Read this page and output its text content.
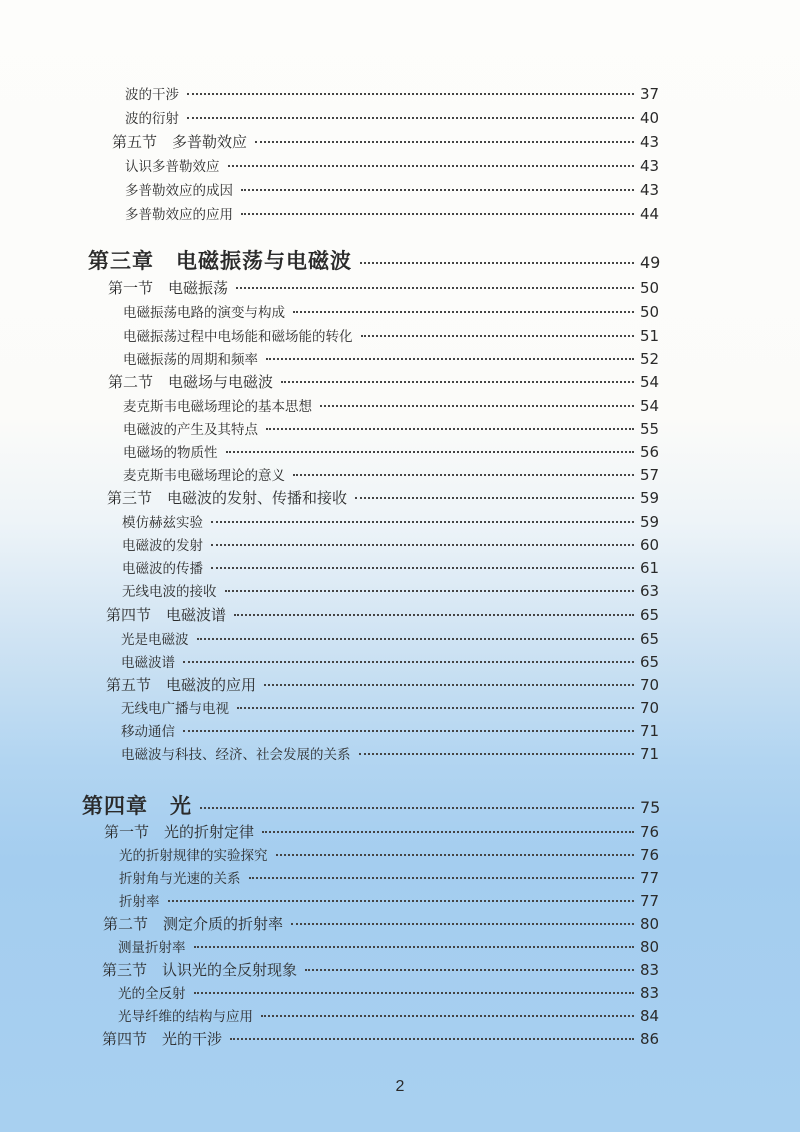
波的干涉	37
波的衍射	40
第五节　多普勒效应	43
认识多普勒效应	43
多普勒效应的成因	43
多普勒效应的应用	44
第三章　电磁振荡与电磁波	49
第一节　电磁振荡	50
电磁振荡电路的演变与构成	50
电磁振荡过程中电场能和磁场能的转化	51
电磁振荡的周期和频率	52
第二节　电磁场与电磁波	54
麦克斯韦电磁场理论的基本思想	54
电磁波的产生及其特点	55
电磁场的物质性	56
麦克斯韦电磁场理论的意义	57
第三节　电磁波的发射、传播和接收	59
模仿赫兹实验	59
电磁波的发射	60
电磁波的传播	61
无线电波的接收	63
第四节　电磁波谱	65
光是电磁波	65
电磁波谱	65
第五节　电磁波的应用	70
无线电广播与电视	70
移动通信	71
电磁波与科技、经济、社会发展的关系	71
第四章　光	75
第一节　光的折射定律	76
光的折射规律的实验探究	76
折射角与光速的关系	77
折射率	77
第二节　测定介质的折射率	80
测量折射率	80
第三节　认识光的全反射现象	83
光的全反射	83
光导纤维的结构与应用	84
第四节　光的干涉	86
2
